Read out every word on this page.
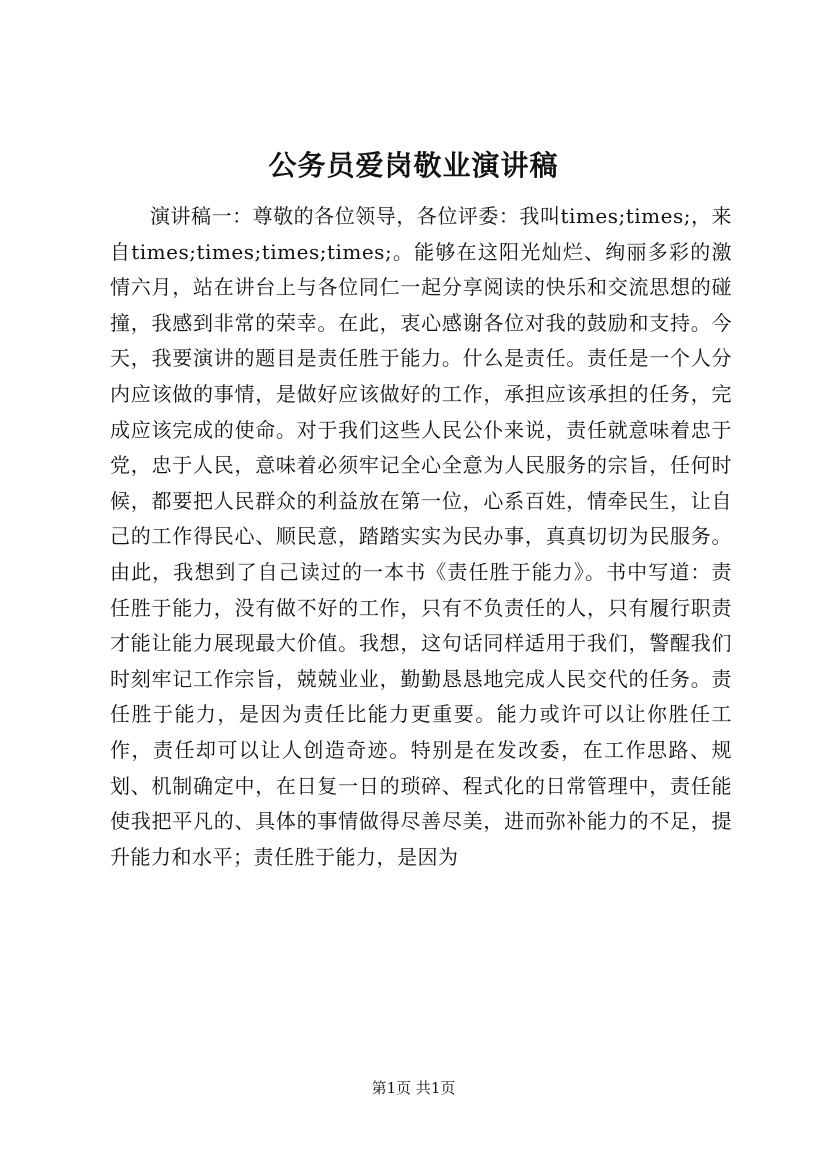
公务员爱岗敬业演讲稿

演讲稿一：尊敬的各位领导，各位评委：我叫times;times;，来自times;times;times;times;。能够在这阳光灿烂、绚丽多彩的激情六月，站在讲台上与各位同仁一起分享阅读的快乐和交流思想的碰撞，我感到非常的荣幸。在此，衷心感谢各位对我的鼓励和支持。今天，我要演讲的题目是责任胜于能力。什么是责任。责任是一个人分内应该做的事情，是做好应该做好的工作，承担应该承担的任务，完成应该完成的使命。对于我们这些人民公仆来说，责任就意味着忠于党，忠于人民，意味着必须牢记全心全意为人民服务的宗旨，任何时候，都要把人民群众的利益放在第一位，心系百姓，情牵民生，让自己的工作得民心、顺民意，踏踏实实为民办事，真真切切为民服务。由此，我想到了自己读过的一本书《责任胜于能力》。书中写道：责任胜于能力，没有做不好的工作，只有不负责任的人，只有履行职责才能让能力展现最大价值。我想，这句话同样适用于我们，警醒我们时刻牢记工作宗旨，兢兢业业，勤勤恳恳地完成人民交代的任务。责任胜于能力，是因为责任比能力更重要。能力或许可以让你胜任工作，责任却可以让人创造奇迹。特别是在发改委，在工作思路、规划、机制确定中，在日复一日的琐碎、程式化的日常管理中，责任能使我把平凡的、具体的事情做得尽善尽美，进而弥补能力的不足，提升能力和水平；责任胜于能力，是因为

第1页 共1页
